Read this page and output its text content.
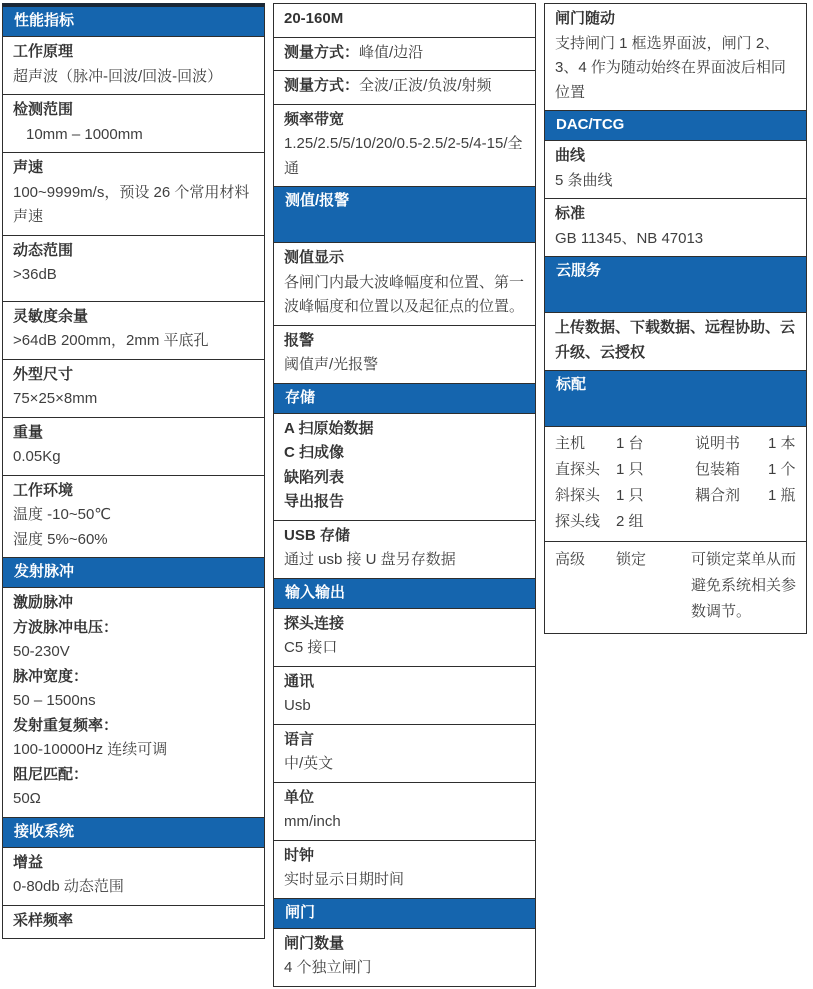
性能指标
工作原理
超声波（脉冲-回波/回波-回波）
检测范围
10mm – 1000mm
声速
100~9999m/s，预设 26 个常用材料声速
动态范围
>36dB
灵敏度余量
>64dB 200mm，2mm 平底孔
外型尺寸
75×25×8mm
重量
0.05Kg
工作环境
温度 -10~50℃
湿度 5%~60%
发射脉冲
激励脉冲
方波脉冲电压：
50-230V
脉冲宽度：
50 – 1500ns
发射重复频率：
100-10000Hz 连续可调
阻尼匹配：
50Ω
接收系统
增益
0-80db 动态范围
采样频率
20-160M
测量方式：峰值/边沿
测量方式：全波/正波/负波/射频
频率带宽
1.25/2.5/5/10/20/0.5-2.5/2-5/4-15/全通
测值/报警
测值显示
各闸门内最大波峰幅度和位置、第一波峰幅度和位置以及起征点的位置。
报警
阈值声/光报警
存储
A 扫原始数据
C 扫成像
缺陷列表
导出报告
USB 存储
通过 usb 接 U 盘另存数据
输入输出
探头连接
C5 接口
通讯
Usb
语言
中/英文
单位
mm/inch
时钟
实时显示日期时间
闸门
闸门数量
4 个独立闸门
闸门随动
支持闸门 1 框选界面波，闸门 2、3、4 作为随动始终在界面波后相同位置
DAC/TCG
曲线
5 条曲线
标准
GB 11345、NB 47013
云服务
上传数据、下载数据、远程协助、云升级、云授权
标配
主机	1 台	说明书	1 本
直探头	1 只	包装箱	1 个
斜探头	1 只	耦合剂	1 瓶
探头线	2 组
高级	锁定	可锁定菜单从而避免系统相关参数调节。
